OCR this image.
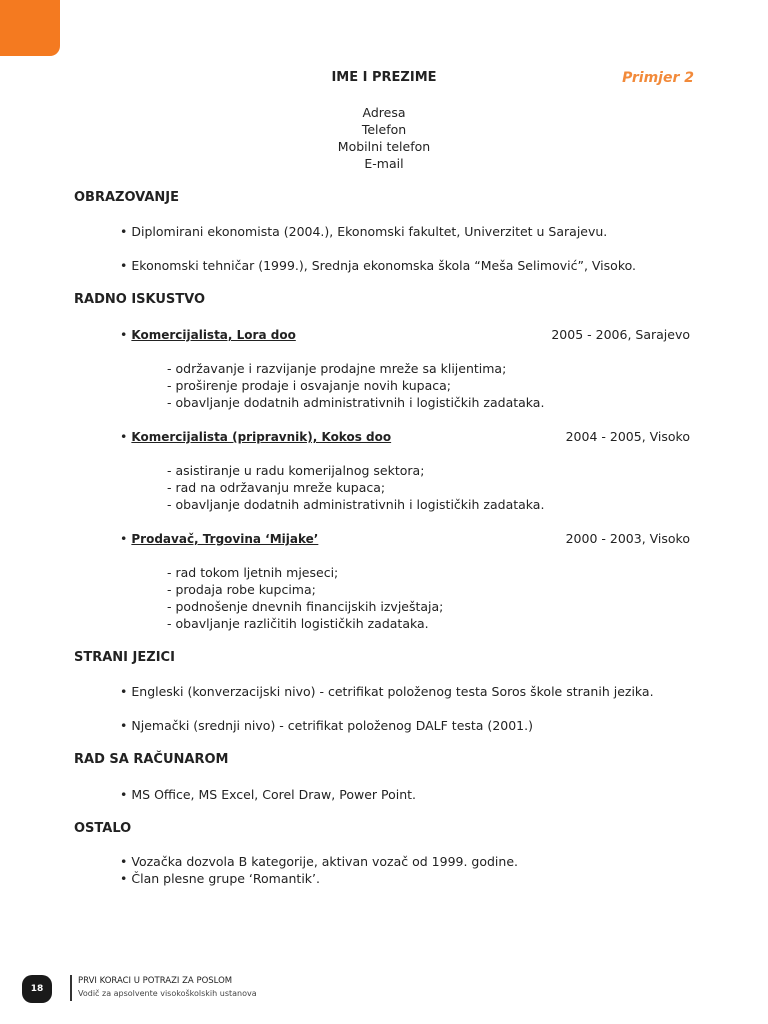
IME I PREZIME	Primjer 2
Adresa
Telefon
Mobilni telefon
E-mail
OBRAZOVANJE
• Diplomirani ekonomista (2004.), Ekonomski fakultet, Univerzitet u Sarajevu.
• Ekonomski tehničar (1999.), Srednja ekonomska škola “Meša Selimović”, Visoko.
RADNO ISKUSTVO
• Komercijalista, Lora doo	2005 - 2006, Sarajevo
- održavanje i razvijanje prodajne mreže sa klijentima;
- proširenje prodaje i osvajanje novih kupaca;
- obavljanje dodatnih administrativnih i logističkih zadataka.
• Komercijalista (pripravnik), Kokos doo	2004 - 2005, Visoko
- asistiranje u radu komerijalnog sektora;
- rad na održavanju mreže kupaca;
- obavljanje dodatnih administrativnih i logističkih zadataka.
• Prodavač, Trgovina ‘Mijake’	2000 - 2003, Visoko
- rad tokom ljetnih mjeseci;
- prodaja robe kupcima;
- podnošenje dnevnih financijskih izvještaja;
- obavljanje različitih logističkih zadataka.
STRANI JEZICI
• Engleski (konverzacijski nivo) - cetrifikat položenog testa Soros škole stranih jezika.
• Njemački (srednji nivo) - cetrifikat položenog DALF testa (2001.)
RAD SA RAČUNAROM
• MS Office, MS Excel, Corel Draw, Power Point.
OSTALO
• Vozačka dozvola B kategorije, aktivan vozač od 1999. godine.
• Član plesne grupe ‘Romantik’.
18
PRVI KORACI U POTRAZI ZA POSLOM
Vodič za apsolvente visokoškolskih ustanova
